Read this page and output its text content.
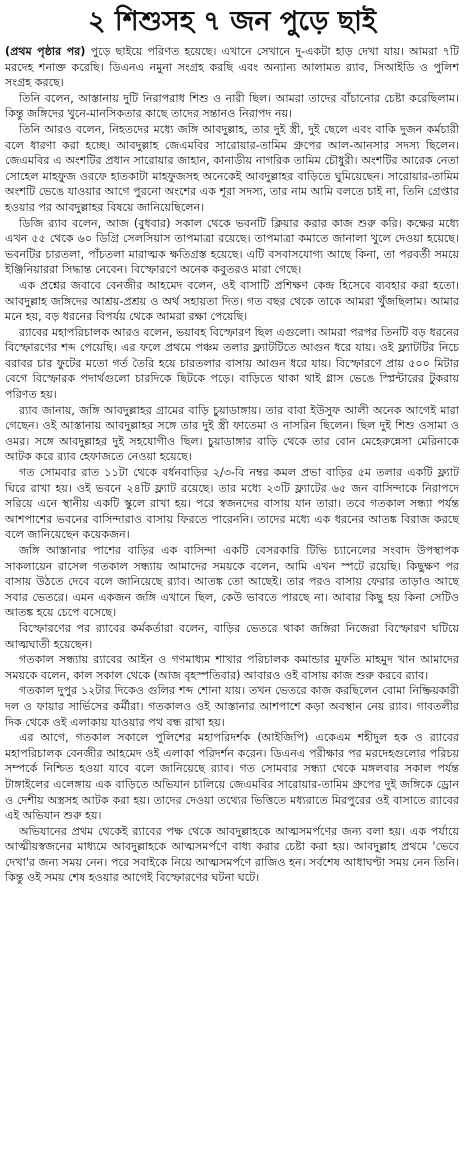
২ শিশুসহ ৭ জন পুড়ে ছাই

(প্রথম পৃষ্ঠার পর) পুড়ে ছাইয়ে পরিণত হয়েছে। এখানে সেখানে দু-একটা হাড় দেখা যায়। আমরা ৭টি মরদেহ শনাক্ত করেছি। ডিএনএ নমুনা সংগ্রহ করছি এবং অন্যান্য আলামত র‍্যাব, সিআইডি ও পুলিশ সংগ্রহ করছে।

তিনি বলেন, আস্তানায় দুটি নিরাপরাধ শিশু ও নারী ছিল। আমরা তাদের বাঁচানোর চেষ্টা করেছিলাম। কিন্তু জঙ্গিদের খুনে-মানসিকতার কাছে তাদের সন্তানও নিরাপদ নয়।

তিনি আরও বলেন, নিহতদের মধ্যে জঙ্গি আবদুল্লাহ, তার দুই স্ত্রী, দুই ছেলে এবং বাকি দুজন কর্মচারী বলে ধারণা করা হচ্ছে। আবদুল্লাহ জেএমবির সারোয়ার-তামিম গ্রুপের আল-আনসার সদস্য ছিলেন। জেএমবির এ অংশটির প্রধান সারোয়ার জাহান, কানাডীয় নাগরিক তামিম চৌধুরী। অংশটির আরেক নেতা সোহেল মাহফুজ ওরফে হাতকাটা মাহফুজসহ অনেকেই আবদুল্লাহর বাড়িতে ঘুমিয়েছেন। সারোয়ার-তামিম অংশটি ভেঙে যাওয়ার আগে পুরনো অংশের এক শূরা সদস্য, তার নাম আমি বলতে চাই না, তিনি গ্রেপ্তার হওয়ার পর আবদুল্লাহর বিষয়ে জানিয়েছিলেন।

ডিজি র‍্যাব বলেন, আজ (বুধবার) সকাল থেকে ভবনটি ক্লিয়ার করার কাজ শুরু করি। কক্ষের মধ্যে এখন ৫৫ থেকে ৬০ ডিগ্রি সেলসিয়াস তাপমাত্রা রয়েছে। তাপমাত্রা কমাতে জানালা খুলে দেওয়া হয়েছে। ভবনটির চারতলা, পাঁচতলা মারাত্মক ক্ষতিগ্রস্ত হয়েছে। এটি বসবাসযোগ্য আছে কিনা, তা পরবর্তী সময়ে ইঞ্জিনিয়াররা সিদ্ধান্ত নেবেন। বিস্ফোরণে অনেক কবুতরও মারা গেছে।

এক প্রশ্নের জবাবে বেনজীর আহমেদ বলেন, ওই বাসাটি প্রশিক্ষণ কেন্দ্র হিসেবে ব্যবহার করা হতো। আবদুল্লাহ জঙ্গিদের আশ্রয়-প্রশ্রয় ও অর্থ সহায়তা দিত। গত বছর থেকে তাকে আমরা খুঁজছিলাম। আমার মনে হয়, বড় ধরনের বিপর্যয় থেকে আমরা রক্ষা পেয়েছি।

র‍্যাবের মহাপরিচালক আরও বলেন, ভয়াবহ বিস্ফোরণ ছিল এগুলো। আমরা পরপর তিনটি বড় ধরনের বিস্ফোরণের শব্দ পেয়েছি। এর ফলে প্রথমে পঞ্চম তলার ফ্ল্যাটটিতে আগুন ধরে যায়। ওই ফ্ল্যাটটির নিচে বরাবর চার ফুটের মতো গর্ত তৈরি হয়ে চারতলার বাসায় আগুন ধরে যায়। বিস্ফোরণে প্রায় ৫০০ মিটার বেগে বিস্ফোরক পদার্থগুলো চারদিকে ছিটকে পড়ে। বাড়িতে থাকা থাই গ্লাস ভেঙে স্প্লিন্টারের টুকরায় পরিণত হয়।

র‍্যাব জানায়, জঙ্গি আবদুল্লাহর গ্রামের বাড়ি চুয়াডাঙ্গায়। তার বাবা ইউসুফ আলী অনেক আগেই মারা গেছেন। ওই আস্তানায় আবদুল্লাহর সঙ্গে তার দুই স্ত্রী ফাতেমা ও নাসরিন ছিলেন। ছিল দুই শিশু ওসামা ও ওমর। সঙ্গে আবদুল্লাহর দুই সহযোগীও ছিল। চুয়াডাঙ্গার বাড়ি থেকে তার বোন মেহেরুন্নেসা মেরিনাকে আটক করে র‍্যাব হেফাজতে নেওয়া হয়েছে।

গত সোমবার রাত ১১টা থেকে বর্ধনবাড়ির ২/৩-বি নম্বর কমল প্রভা বাড়ির ৫ম তলার একটি ফ্ল্যাট ঘিরে রাখা হয়। ওই ভবনে ২৪টি ফ্ল্যাট রয়েছে। তার মধ্যে ২৩টি ফ্ল্যাটের ৬৫ জন বাসিন্দাকে নিরাপদে সরিয়ে এনে স্থানীয় একটি স্কুলে রাখা হয়। পরে স্বজনদের বাসায় যান তারা। তবে গতকাল সন্ধ্যা পর্যন্ত আশপাশের ভবনের বাসিন্দারাও বাসায় ফিরতে পারেননি। তাদের মধ্যে এক ধরনের আতঙ্ক বিরাজ করছে বলে জানিয়েছেন কয়েকজন।

জঙ্গি আস্তানার পাশের বাড়ির এক বাসিন্দা একটি বেসরকারি টিভি চ্যানেলের সংবাদ উপস্থাপক সাকলায়েন রাসেল গতকাল সন্ধ্যায় আমাদের সময়কে বলেন, আমি এখন স্পটে রয়েছি। কিছুক্ষণ পর বাসায় উঠতে দেবে বলে জানিয়েছে র‍্যাব। আতঙ্ক তো আছেই। তার পরও বাসায় ফেরার তাড়াও আছে সবার ভেতরে। এমন একজন জঙ্গি এখানে ছিল, কেউ ভাবতে পারছে না। আবার কিছু হয় কিনা সেটিও আতঙ্ক হয়ে চেপে বসেছে।

বিস্ফোরণের পর র‍্যাবের কর্মকর্তারা বলেন, বাড়ির ভেতরে থাকা জঙ্গিরা নিজেরা বিস্ফোরণ ঘটিয়ে আত্মঘাতী হয়েছেন।

গতকাল সন্ধ্যায় র‍্যাবের আইন ও গণমাধ্যম শাখার পরিচালক কমান্ডার মুফতি মাহমুদ খান আমাদের সময়কে বলেন, কাল সকাল থেকে (আজ বৃহস্পতিবার) আবারও ওই বাসায় কাজ শুরু করবে র‍্যাব।

গতকাল দুপুর ১২টার দিকেও গুলির শব্দ শোনা যায়। তখন ভেতরে কাজ করছিলেন বোমা নিষ্ক্রিয়কারী দল ও ফায়ার সার্ভিসের কর্মীরা। গতকালও ওই আস্তানার আশপাশে কড়া অবস্থান নেয় র‍্যাব। গাবতলীর দিক থেকে ওই এলাকায় যাওয়ার পথ বন্ধ রাখা হয়।

এর আগে, গতকাল সকালে পুলিশের মহাপরিদর্শক (আইজিপি) একেএম শহীদুল হক ও র‍্যাবের মহাপরিচালক বেনজীর আহমেদ ওই এলাকা পরিদর্শন করেন। ডিএনএ পরীক্ষার পর মরদেহগুলোর পরিচয় সম্পর্কে নিশ্চিত হওয়া যাবে বলে জানিয়েছে র‍্যাব। গত সোমবার সন্ধ্যা থেকে মঙ্গলবার সকাল পর্যন্ত টাঙ্গাইলের এলেঙ্গায় এক বাড়িতে অভিযান চালিয়ে জেএমবির সারোয়ার-তামিম গ্রুপের দুই জঙ্গিকে ড্রোন ও দেশীয় অস্ত্রসহ আটক করা হয়। তাদের দেওয়া তথ্যের ভিত্তিতে মধ্যরাতে মিরপুরের ওই বাসাতে র‍্যাবের এই অভিযান শুরু হয়।

অভিযানের প্রথম থেকেই র‍্যাবের পক্ষ থেকে আবদুল্লাহকে আত্মসমর্পণের জন্য বলা হয়। এক পর্যায়ে আত্মীয়স্বজনের মাধ্যমে আবদুল্লাহকে আত্মসমর্পণে বাধ্য করার চেষ্টা করা হয়। আবদুল্লাহ প্রথমে 'ভেবে দেখা'র জন্য সময় নেন। পরে সবাইকে নিয়ে আত্মসমর্পণে রাজিও হন। সর্বশেষ আধাঘণ্টা সময় নেন তিনি। কিন্তু ওই সময় শেষ হওয়ার আগেই বিস্ফোরণের ঘটনা ঘটে।
